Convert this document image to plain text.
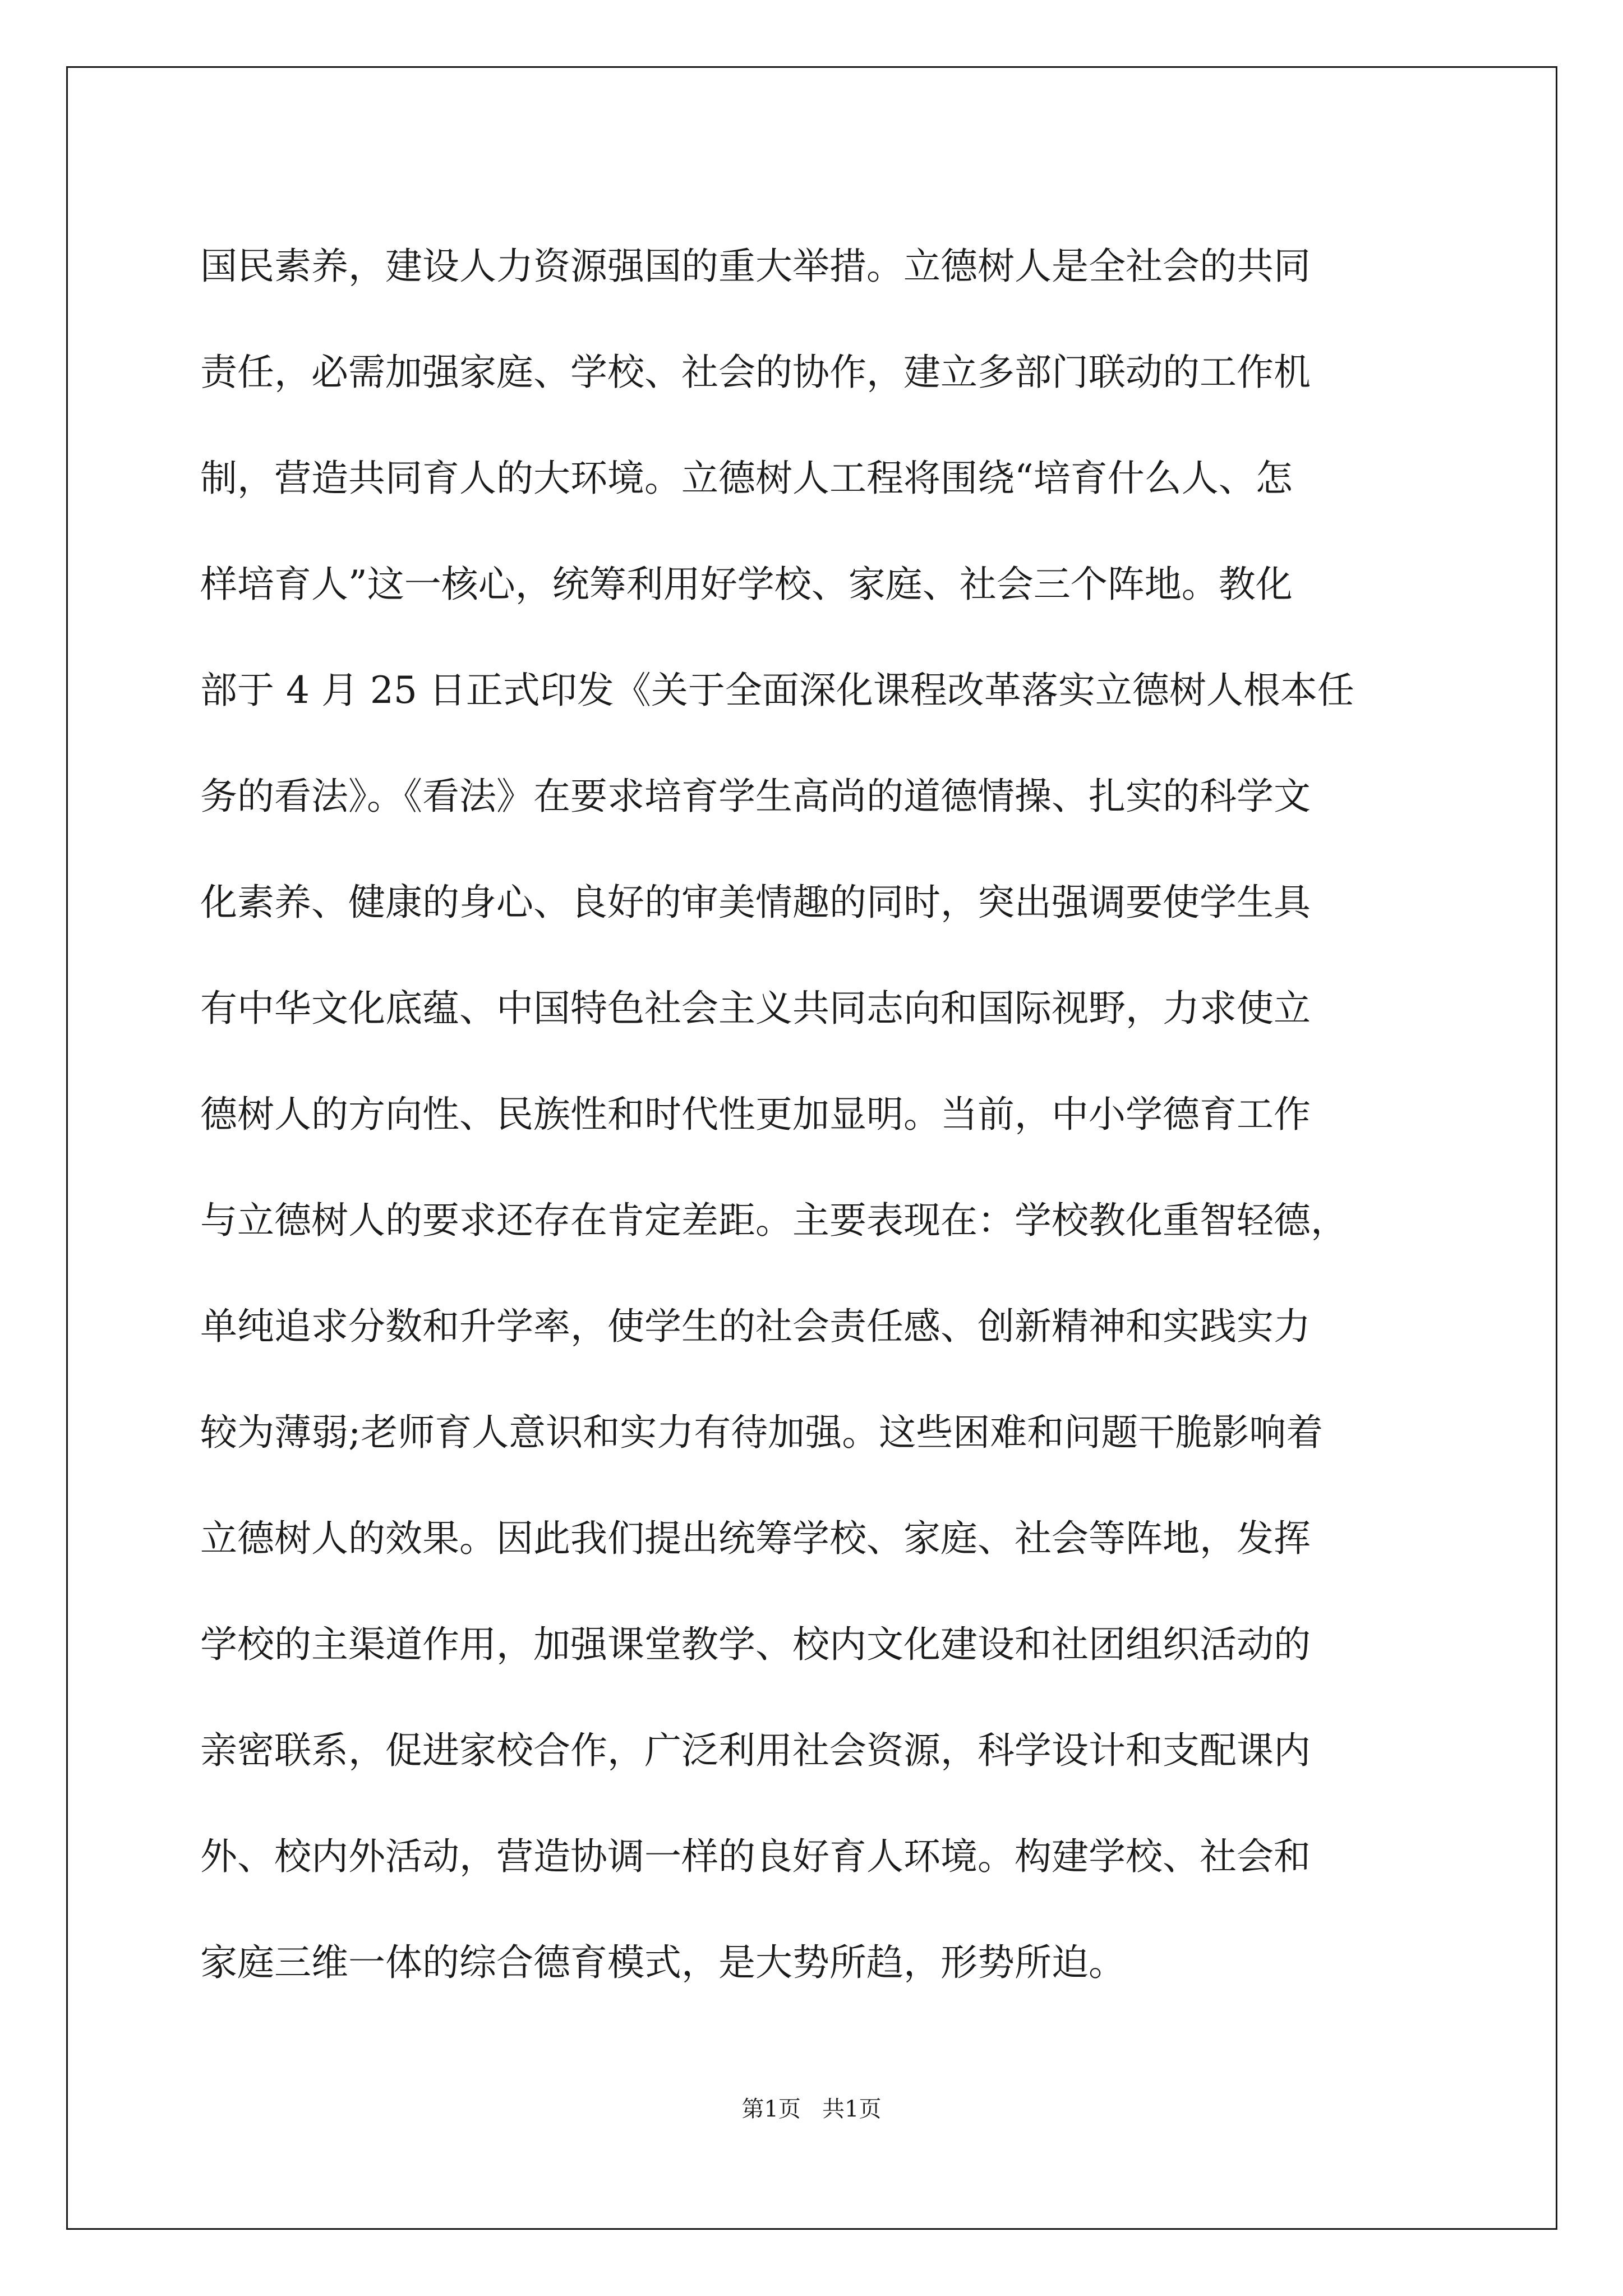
国民素养，建设人力资源强国的重大举措。立德树人是全社会的共同
责任，必需加强家庭、学校、社会的协作，建立多部门联动的工作机
制，营造共同育人的大环境。立德树人工程将围绕“培育什么人、怎
样培育人”这一核心，统筹利用好学校、家庭、社会三个阵地。教化
部于 4 月 25 日正式印发《关于全面深化课程改革落实立德树人根本任
务的看法》。《看法》在要求培育学生高尚的道德情操、扎实的科学文
化素养、健康的身心、良好的审美情趣的同时，突出强调要使学生具
有中华文化底蕴、中国特色社会主义共同志向和国际视野，力求使立
德树人的方向性、民族性和时代性更加显明。当前，中小学德育工作
与立德树人的要求还存在肯定差距。主要表现在：学校教化重智轻德，
单纯追求分数和升学率，使学生的社会责任感、创新精神和实践实力
较为薄弱;老师育人意识和实力有待加强。这些困难和问题干脆影响着
立德树人的效果。因此我们提出统筹学校、家庭、社会等阵地，发挥
学校的主渠道作用，加强课堂教学、校内文化建设和社团组织活动的
亲密联系，促进家校合作，广泛利用社会资源，科学设计和支配课内
外、校内外活动，营造协调一样的良好育人环境。构建学校、社会和
家庭三维一体的综合德育模式，是大势所趋，形势所迫。
第1页   共1页
